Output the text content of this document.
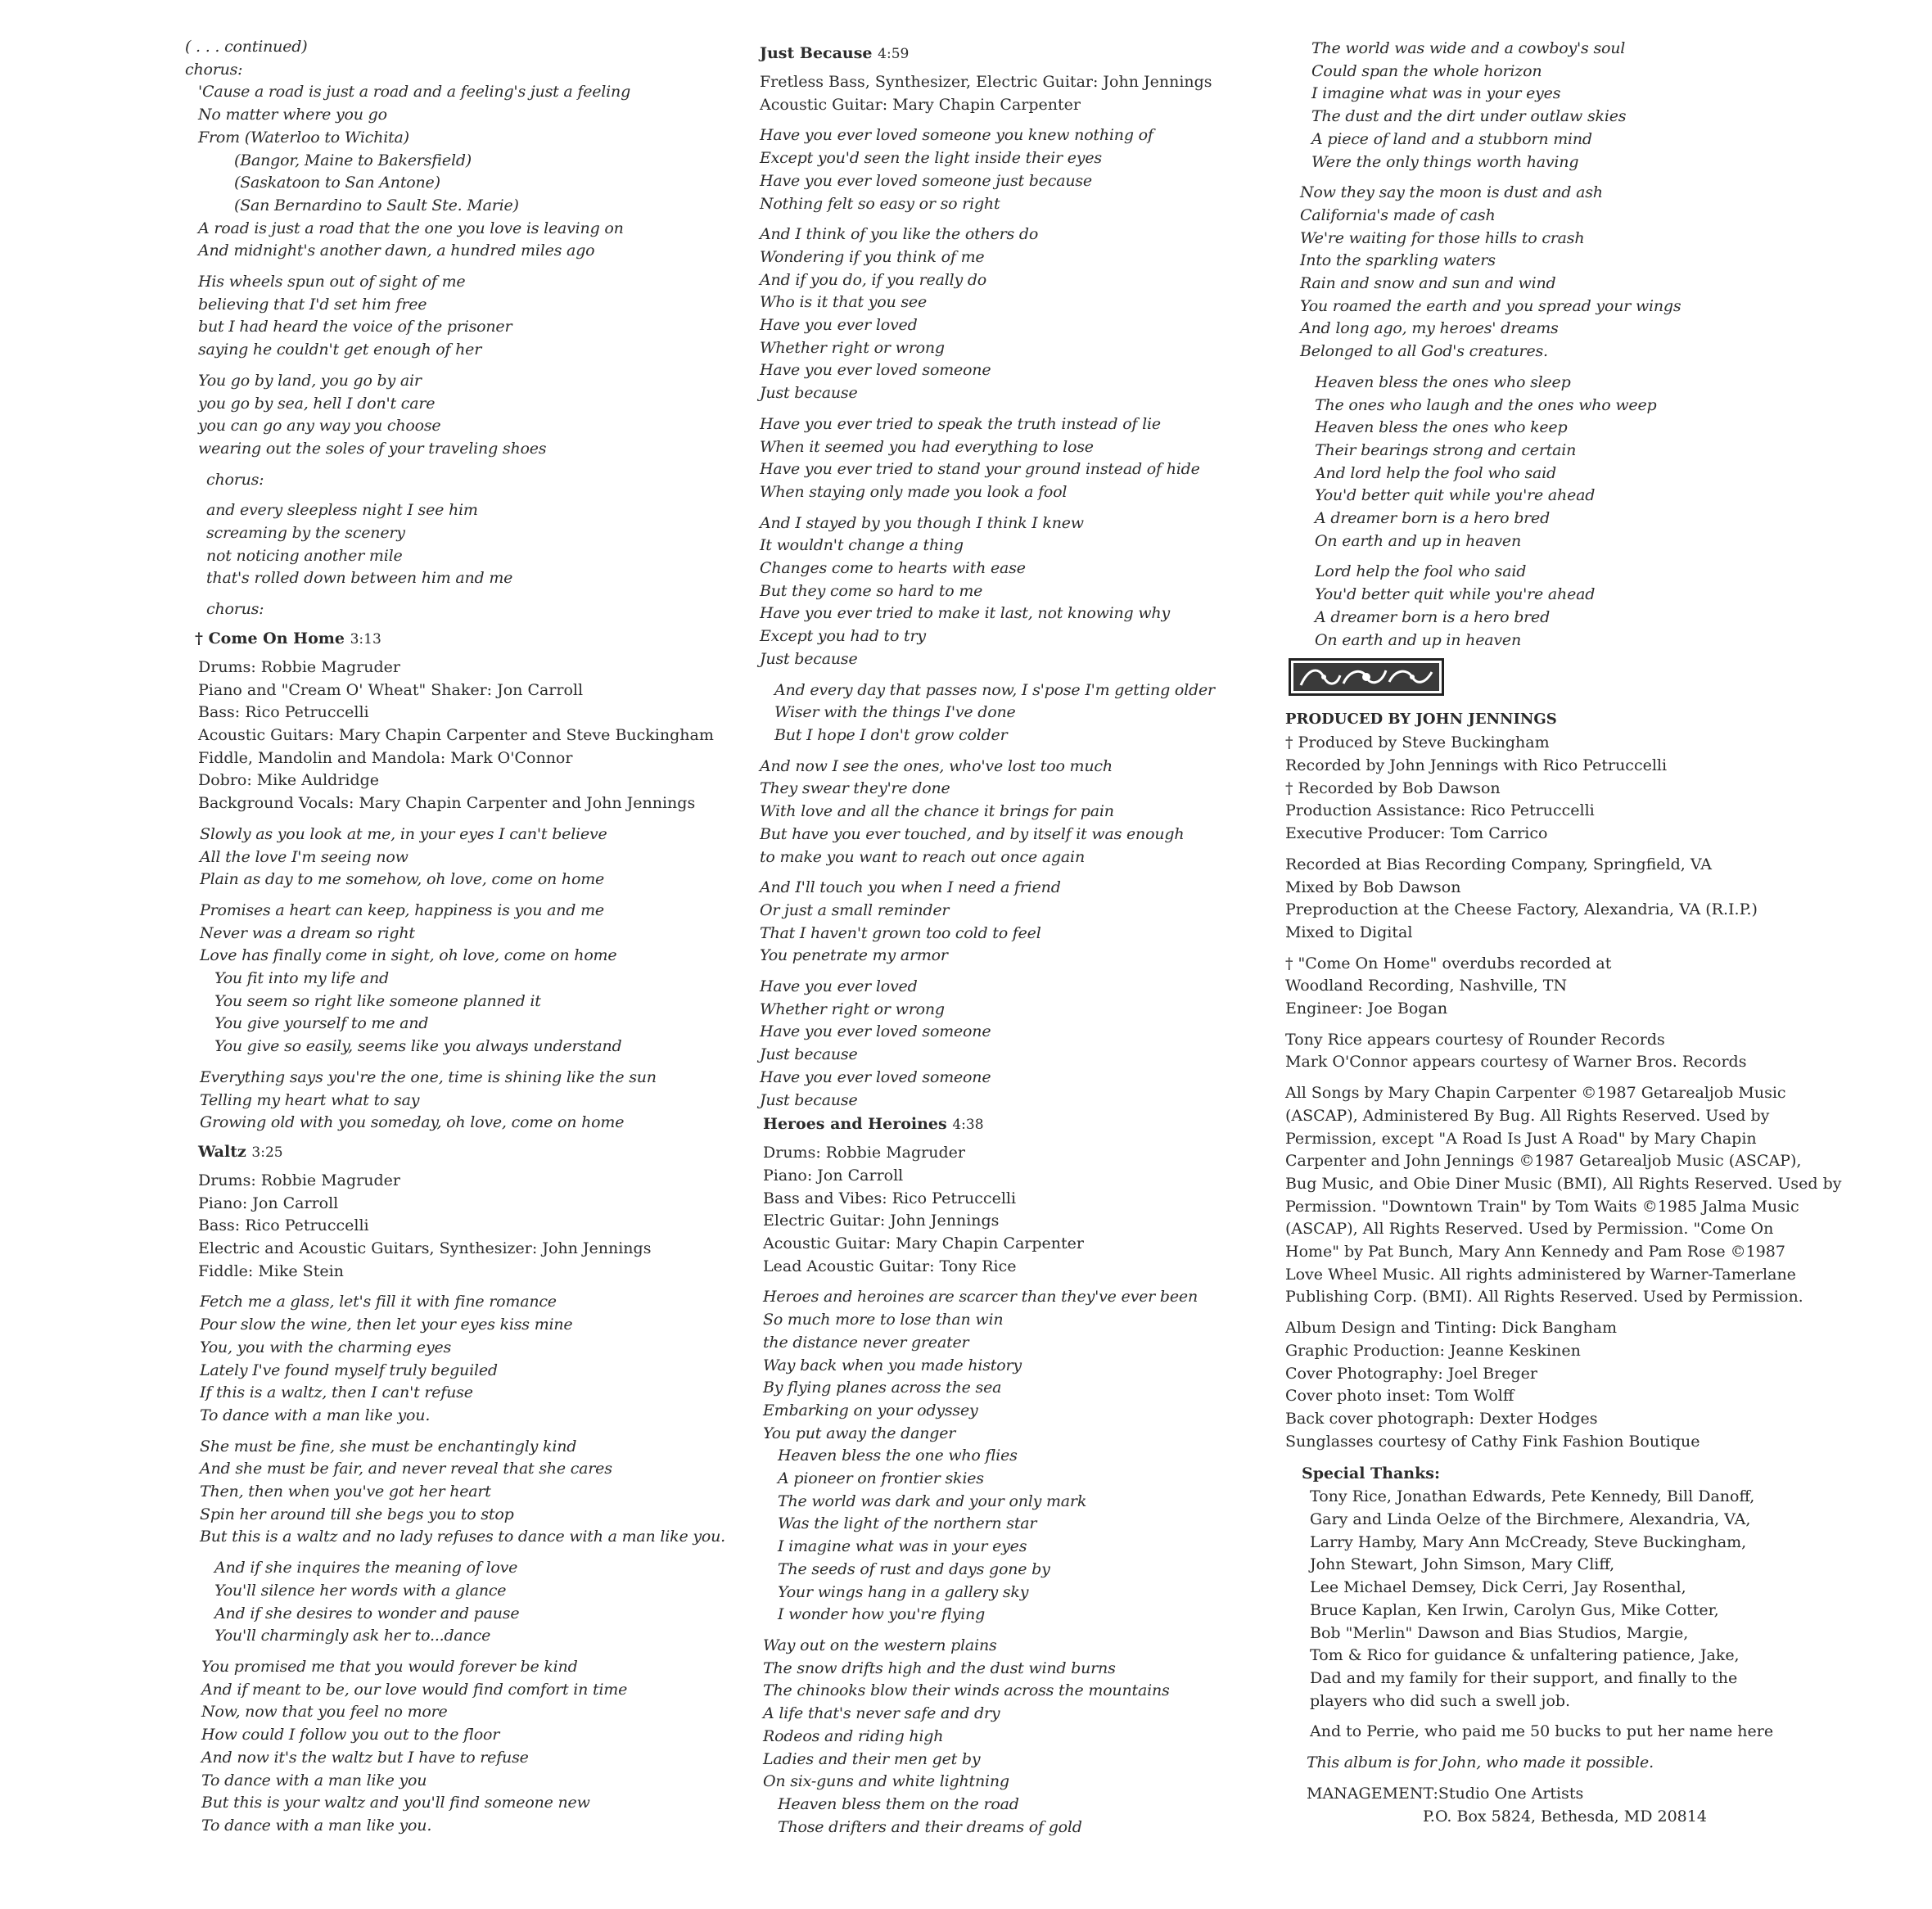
( . . . continued)
chorus:
'Cause a road is just a road and a feeling's just a feeling
No matter where you go
From (Waterloo to Wichita)
(Bangor, Maine to Bakersfield)
(Saskatoon to San Antone)
(San Bernardino to Sault Ste. Marie)
A road is just a road that the one you love is leaving on
And midnight's another dawn, a hundred miles ago
His wheels spun out of sight of me
believing that I'd set him free
but I had heard the voice of the prisoner
saying he couldn't get enough of her
You go by land, you go by air
you go by sea, hell I don't care
you can go any way you choose
wearing out the soles of your traveling shoes
chorus:
and every sleepless night I see him
screaming by the scenery
not noticing another mile
that's rolled down between him and me
chorus:
† Come On Home 3:13
Drums: Robbie Magruder
Piano and "Cream O' Wheat" Shaker: Jon Carroll
Bass: Rico Petruccelli
Acoustic Guitars: Mary Chapin Carpenter and Steve Buckingham
Fiddle, Mandolin and Mandola: Mark O'Connor
Dobro: Mike Auldridge
Background Vocals: Mary Chapin Carpenter and John Jennings
Slowly as you look at me, in your eyes I can't believe
All the love I'm seeing now
Plain as day to me somehow, oh love, come on home
Promises a heart can keep, happiness is you and me
Never was a dream so right
Love has finally come in sight, oh love, come on home
You fit into my life and
You seem so right like someone planned it
You give yourself to me and
You give so easily, seems like you always understand
Everything says you're the one, time is shining like the sun
Telling my heart what to say
Growing old with you someday, oh love, come on home
Waltz 3:25
Drums: Robbie Magruder
Piano: Jon Carroll
Bass: Rico Petruccelli
Electric and Acoustic Guitars, Synthesizer: John Jennings
Fiddle: Mike Stein
Fetch me a glass, let's fill it with fine romance
Pour slow the wine, then let your eyes kiss mine
You, you with the charming eyes
Lately I've found myself truly beguiled
If this is a waltz, then I can't refuse
To dance with a man like you.
She must be fine, she must be enchantingly kind
And she must be fair, and never reveal that she cares
Then, then when you've got her heart
Spin her around till she begs you to stop
But this is a waltz and no lady refuses to dance with a man like you.
And if she inquires the meaning of love
You'll silence her words with a glance
And if she desires to wonder and pause
You'll charmingly ask her to...dance
You promised me that you would forever be kind
And if meant to be, our love would find comfort in time
Now, now that you feel no more
How could I follow you out to the floor
And now it's the waltz but I have to refuse
To dance with a man like you
But this is your waltz and you'll find someone new
To dance with a man like you.
Just Because 4:59
Fretless Bass, Synthesizer, Electric Guitar: John Jennings
Acoustic Guitar: Mary Chapin Carpenter
Have you ever loved someone you knew nothing of
Except you'd seen the light inside their eyes
Have you ever loved someone just because
Nothing felt so easy or so right
And I think of you like the others do
Wondering if you think of me
And if you do, if you really do
Who is it that you see
Have you ever loved
Whether right or wrong
Have you ever loved someone
Just because
Have you ever tried to speak the truth instead of lie
When it seemed you had everything to lose
Have you ever tried to stand your ground instead of hide
When staying only made you look a fool
And I stayed by you though I think I knew
It wouldn't change a thing
Changes come to hearts with ease
But they come so hard to me
Have you ever tried to make it last, not knowing why
Except you had to try
Just because
And every day that passes now, I s'pose I'm getting older
Wiser with the things I've done
But I hope I don't grow colder
And now I see the ones, who've lost too much
They swear they're done
With love and all the chance it brings for pain
But have you ever touched, and by itself it was enough
to make you want to reach out once again
And I'll touch you when I need a friend
Or just a small reminder
That I haven't grown too cold to feel
You penetrate my armor
Have you ever loved
Whether right or wrong
Have you ever loved someone
Just because
Have you ever loved someone
Just because
Heroes and Heroines 4:38
Drums: Robbie Magruder
Piano: Jon Carroll
Bass and Vibes: Rico Petruccelli
Electric Guitar: John Jennings
Acoustic Guitar: Mary Chapin Carpenter
Lead Acoustic Guitar: Tony Rice
Heroes and heroines are scarcer than they've ever been
So much more to lose than win
the distance never greater
Way back when you made history
By flying planes across the sea
Embarking on your odyssey
You put away the danger
Heaven bless the one who flies
A pioneer on frontier skies
The world was dark and your only mark
Was the light of the northern star
I imagine what was in your eyes
The seeds of rust and days gone by
Your wings hang in a gallery sky
I wonder how you're flying
Way out on the western plains
The snow drifts high and the dust wind burns
The chinooks blow their winds across the mountains
A life that's never safe and dry
Rodeos and riding high
Ladies and their men get by
On six-guns and white lightning
Heaven bless them on the road
Those drifters and their dreams of gold
The world was wide and a cowboy's soul
Could span the whole horizon
I imagine what was in your eyes
The dust and the dirt under outlaw skies
A piece of land and a stubborn mind
Were the only things worth having
Now they say the moon is dust and ash
California's made of cash
We're waiting for those hills to crash
Into the sparkling waters
Rain and snow and sun and wind
You roamed the earth and you spread your wings
And long ago, my heroes' dreams
Belonged to all God's creatures.
Heaven bless the ones who sleep
The ones who laugh and the ones who weep
Heaven bless the ones who keep
Their bearings strong and certain
And lord help the fool who said
You'd better quit while you're ahead
A dreamer born is a hero bred
On earth and up in heaven
Lord help the fool who said
You'd better quit while you're ahead
A dreamer born is a hero bred
On earth and up in heaven
PRODUCED BY JOHN JENNINGS
† Produced by Steve Buckingham
Recorded by John Jennings with Rico Petruccelli
† Recorded by Bob Dawson
Production Assistance: Rico Petruccelli
Executive Producer: Tom Carrico
Recorded at Bias Recording Company, Springfield, VA
Mixed by Bob Dawson
Preproduction at the Cheese Factory, Alexandria, VA (R.I.P.)
Mixed to Digital
† "Come On Home" overdubs recorded at
Woodland Recording, Nashville, TN
Engineer: Joe Bogan
Tony Rice appears courtesy of Rounder Records
Mark O'Connor appears courtesy of Warner Bros. Records
All Songs by Mary Chapin Carpenter ©1987 Getarealjob Music
(ASCAP), Administered By Bug. All Rights Reserved. Used by
Permission, except "A Road Is Just A Road" by Mary Chapin
Carpenter and John Jennings ©1987 Getarealjob Music (ASCAP),
Bug Music, and Obie Diner Music (BMI), All Rights Reserved. Used by
Permission. "Downtown Train" by Tom Waits ©1985 Jalma Music
(ASCAP), All Rights Reserved. Used by Permission. "Come On
Home" by Pat Bunch, Mary Ann Kennedy and Pam Rose ©1987
Love Wheel Music. All rights administered by Warner-Tamerlane
Publishing Corp. (BMI). All Rights Reserved. Used by Permission.
Album Design and Tinting: Dick Bangham
Graphic Production: Jeanne Keskinen
Cover Photography: Joel Breger
Cover photo inset: Tom Wolff
Back cover photograph: Dexter Hodges
Sunglasses courtesy of Cathy Fink Fashion Boutique
Special Thanks:
Tony Rice, Jonathan Edwards, Pete Kennedy, Bill Danoff,
Gary and Linda Oelze of the Birchmere, Alexandria, VA,
Larry Hamby, Mary Ann McCready, Steve Buckingham,
John Stewart, John Simson, Mary Cliff,
Lee Michael Demsey, Dick Cerri, Jay Rosenthal,
Bruce Kaplan, Ken Irwin, Carolyn Gus, Mike Cotter,
Bob "Merlin" Dawson and Bias Studios, Margie,
Tom & Rico for guidance & unfaltering patience, Jake,
Dad and my family for their support, and finally to the
players who did such a swell job.
And to Perrie, who paid me 50 bucks to put her name here
This album is for John, who made it possible.
MANAGEMENT:Studio One Artists
P.O. Box 5824, Bethesda, MD 20814
